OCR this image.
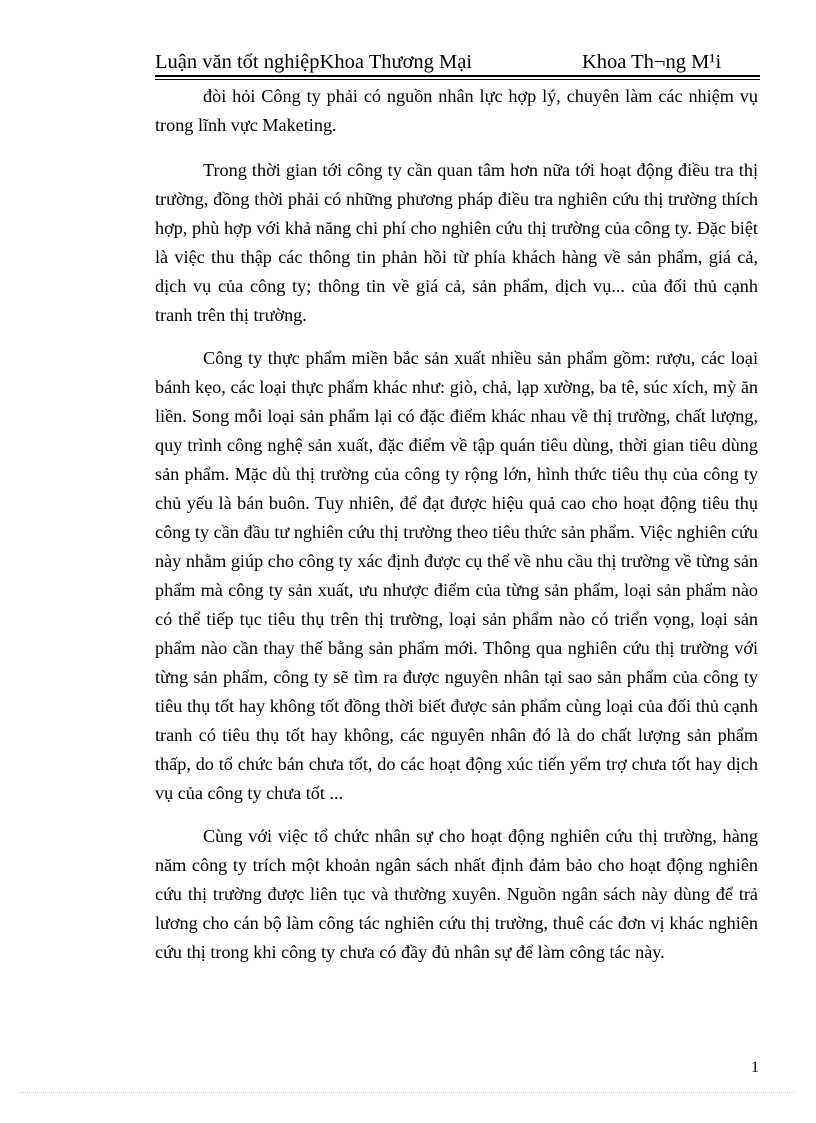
Luận văn tốt nghiệpKhoa Thương Mại	Khoa Th¬ng M¹i

đòi hỏi Công ty phải có nguồn nhân lực hợp lý, chuyên làm các nhiệm vụ trong lĩnh vực Maketing.

Trong thời gian tới công ty cần quan tâm hơn nữa tới hoạt động điều tra thị trường, đồng thời phải có những phương pháp điều tra nghiên cứu thị trường thích hợp, phù hợp với khả năng chi phí cho nghiên cứu thị trường của công ty. Đặc biệt là việc thu thập các thông tin phản hồi từ phía khách hàng về sản phẩm, giá cả, dịch vụ của công ty; thông tin về giá cả, sản phẩm, dịch vụ... của đối thủ cạnh tranh trên thị trường.

Công ty thực phẩm miền bắc sản xuất nhiều sản phẩm gồm: rượu, các loại bánh kẹo, các loại thực phẩm khác như: giò, chả, lạp xường, ba tê, súc xích, mỳ ăn liền. Song mỗi loại sản phẩm lại có đặc điểm khác nhau về thị trường, chất lượng, quy trình công nghệ sản xuất, đặc điểm về tập quán tiêu dùng, thời gian tiêu dùng sản phẩm. Mặc dù thị trường của công ty rộng lớn, hình thức tiêu thụ của công ty chủ yếu là bán buôn. Tuy nhiên, để đạt được hiệu quả cao cho hoạt động tiêu thụ công ty cần đầu tư nghiên cứu thị trường theo tiêu thức sản phẩm. Việc nghiên cứu này nhằm giúp cho công ty xác định được cụ thể về nhu cầu thị trường về từng sản phẩm mà công ty sản xuất, ưu nhược điểm của từng sản phẩm, loại sản phẩm nào có thể tiếp tục tiêu thụ trên thị trường, loại sản phẩm nào có triển vọng, loại sản phẩm nào cần thay thế bằng sản phẩm mới. Thông qua nghiên cứu thị trường với từng sản phẩm, công ty sẽ tìm ra được nguyên nhân tại sao sản phẩm của công ty tiêu thụ tốt hay không tốt đồng thời biết được sản phẩm cùng loại của đối thủ cạnh tranh có tiêu thụ tốt hay không, các nguyên nhân đó là do chất lượng sản phẩm thấp, do tổ chức bán chưa tốt, do các hoạt động xúc tiến yểm trợ chưa tốt hay dịch vụ của công ty chưa tốt ...

Cùng với việc tổ chức nhân sự cho hoạt động nghiên cứu thị trường, hàng năm công ty trích một khoản ngân sách nhất định đảm bảo cho hoạt động nghiên cứu thị trường được liên tục và thường xuyên. Nguồn ngân sách này dùng để trả lương cho cán bộ làm công tác nghiên cứu thị trường, thuê các đơn vị khác nghiên cứu thị trong khi công ty chưa có đầy đủ nhân sự để làm công tác này.

1
